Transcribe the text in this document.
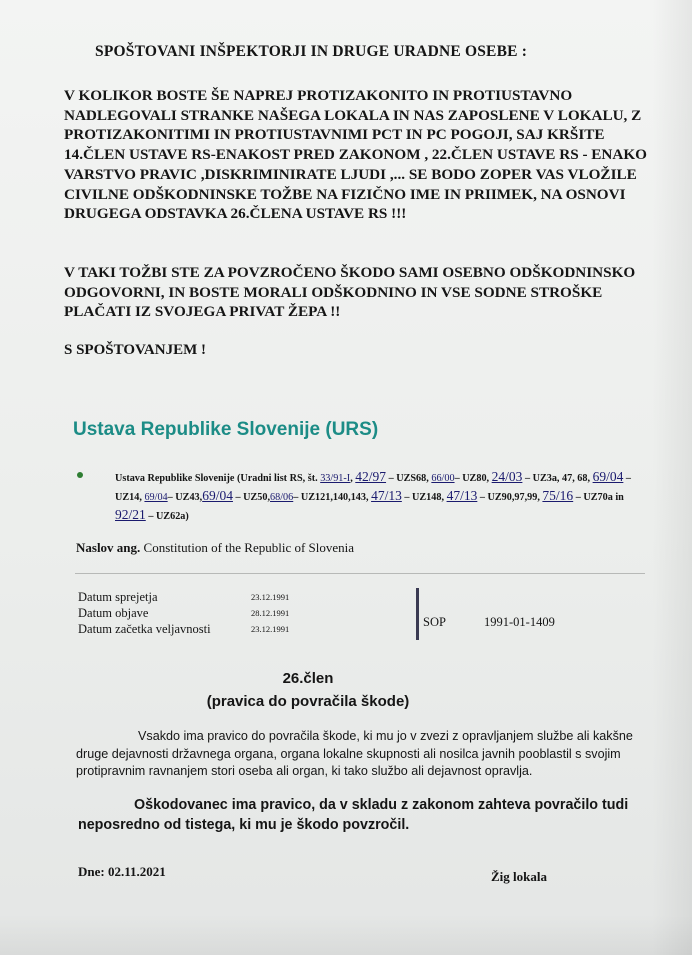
SPOŠTOVANI INŠPEKTORJI IN DRUGE URADNE OSEBE :

V KOLIKOR BOSTE ŠE NAPREJ PROTIZAKONITO IN PROTIUSTAVNO NADLEGOVALI STRANKE NAŠEGA LOKALA IN NAS ZAPOSLENE V LOKALU, Z PROTIZAKONITIMI IN PROTIUSTAVNIMI PCT IN PC POGOJI, SAJ KRŠITE 14.ČLEN USTAVE RS-ENAKOST PRED ZAKONOM , 22.ČLEN USTAVE RS - ENAKO VARSTVO PRAVIC ,DISKRIMINIRATE LJUDI ,... SE BODO ZOPER VAS VLOŽILE CIVILNE ODŠKODNINSKE TOŽBE NA FIZIČNO IME IN PRIIMEK, NA OSNOVI DRUGEGA ODSTAVKA 26.ČLENA USTAVE RS !!!

V TAKI TOŽBI STE ZA POVZROČENO ŠKODO SAMI OSEBNO ODŠKODNINSKO ODGOVORNI, IN BOSTE MORALI ODŠKODNINO IN VSE SODNE STROŠKE PLAČATI IZ SVOJEGA PRIVAT ŽEPA !!

S SPOŠTOVANJEM !

Ustava Republike Slovenije (URS)

Ustava Republike Slovenije (Uradni list RS, št. 33/91-I, 42/97 – UZS68, 66/00– UZ80, 24/03 – UZ3a, 47, 68, 69/04 – UZ14, 69/04– UZ43,69/04 – UZ50,68/06– UZ121,140,143, 47/13 – UZ148, 47/13 – UZ90,97,99, 75/16 – UZ70a in 92/21 – UZ62a)

Naslov ang. Constitution of the Republic of Slovenia

Datum sprejetja	23.12.1991
Datum objave	28.12.1991
Datum začetka veljavnosti	23.12.1991	SOP	1991-01-1409
26.člen
(pravica do povračila škode)

Vsakdo ima pravico do povračila škode, ki mu jo v zvezi z opravljanjem službe ali kakšne druge dejavnosti državnega organa, organa lokalne skupnosti ali nosilca javnih pooblastil s svojim protipravnim ravnanjem stori oseba ali organ, ki tako službo ali dejavnost opravlja.

Oškodovanec ima pravico, da v skladu z zakonom zahteva povračilo tudi neposredno od tistega, ki mu je škodo povzročil.

Dne: 02.11.2021	Žig lokala
